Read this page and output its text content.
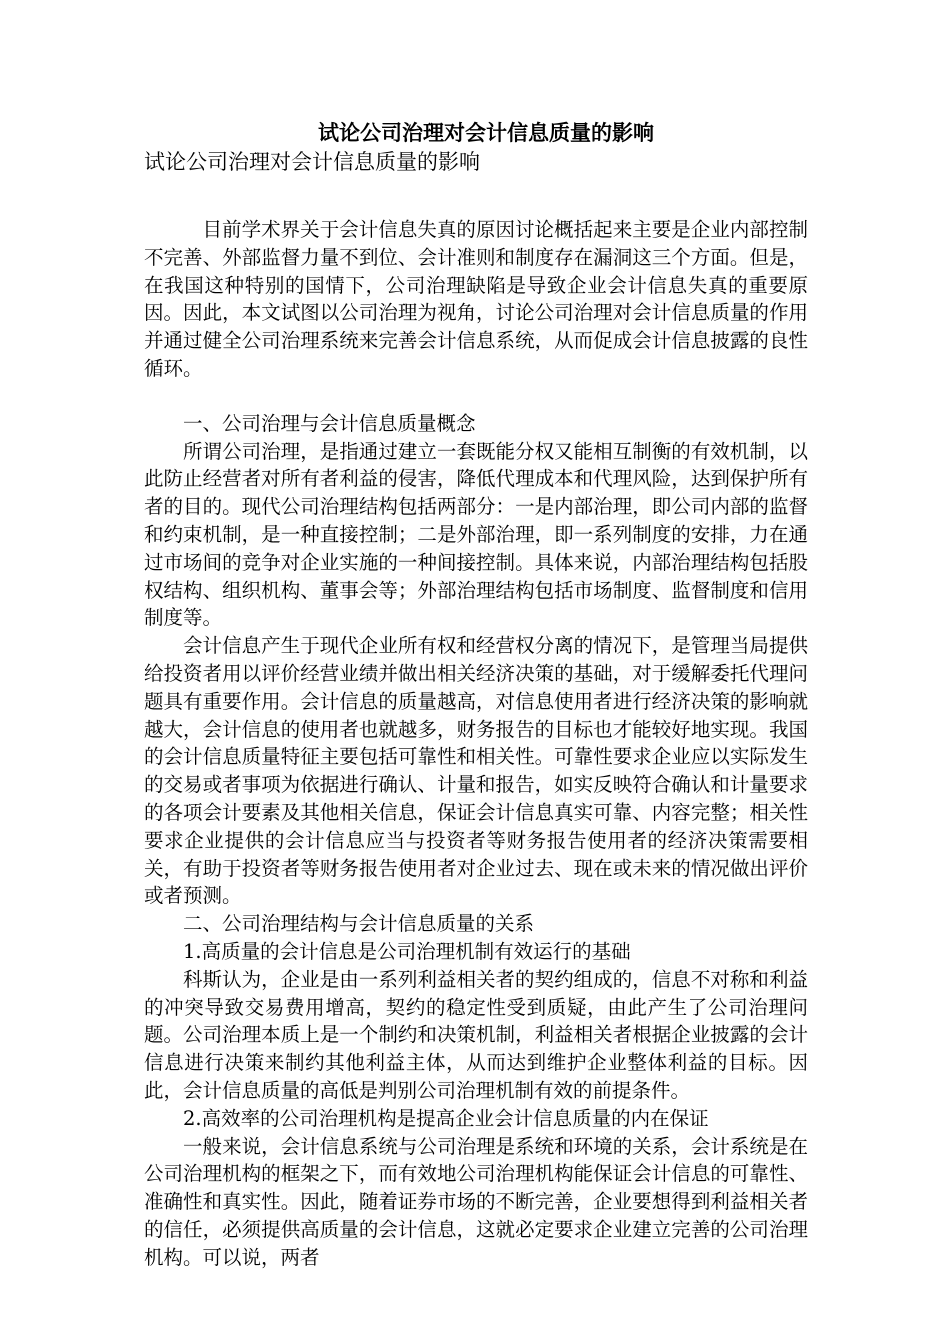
试论公司治理对会计信息质量的影响
试论公司治理对会计信息质量的影响

目前学术界关于会计信息失真的原因讨论概括起来主要是企业内部控制不完善、外部监督力量不到位、会计准则和制度存在漏洞这三个方面。但是，在我国这种特别的国情下，公司治理缺陷是导致企业会计信息失真的重要原因。因此，本文试图以公司治理为视角，讨论公司治理对会计信息质量的作用并通过健全公司治理系统来完善会计信息系统，从而促成会计信息披露的良性循环。

一、公司治理与会计信息质量概念

所谓公司治理，是指通过建立一套既能分权又能相互制衡的有效机制，以此防止经营者对所有者利益的侵害，降低代理成本和代理风险，达到保护所有者的目的。现代公司治理结构包括两部分：一是内部治理，即公司内部的监督和约束机制，是一种直接控制；二是外部治理，即一系列制度的安排，力在通过市场间的竞争对企业实施的一种间接控制。具体来说，内部治理结构包括股权结构、组织机构、董事会等；外部治理结构包括市场制度、监督制度和信用制度等。

会计信息产生于现代企业所有权和经营权分离的情况下，是管理当局提供给投资者用以评价经营业绩并做出相关经济决策的基础，对于缓解委托代理问题具有重要作用。会计信息的质量越高，对信息使用者进行经济决策的影响就越大，会计信息的使用者也就越多，财务报告的目标也才能较好地实现。我国的会计信息质量特征主要包括可靠性和相关性。可靠性要求企业应以实际发生的交易或者事项为依据进行确认、计量和报告，如实反映符合确认和计量要求的各项会计要素及其他相关信息，保证会计信息真实可靠、内容完整；相关性要求企业提供的会计信息应当与投资者等财务报告使用者的经济决策需要相关，有助于投资者等财务报告使用者对企业过去、现在或未来的情况做出评价或者预测。

二、公司治理结构与会计信息质量的关系

1.高质量的会计信息是公司治理机制有效运行的基础

科斯认为，企业是由一系列利益相关者的契约组成的，信息不对称和利益的冲突导致交易费用增高，契约的稳定性受到质疑，由此产生了公司治理问题。公司治理本质上是一个制约和决策机制，利益相关者根据企业披露的会计信息进行决策来制约其他利益主体，从而达到维护企业整体利益的目标。因此，会计信息质量的高低是判别公司治理机制有效的前提条件。

2.高效率的公司治理机构是提高企业会计信息质量的内在保证

一般来说，会计信息系统与公司治理是系统和环境的关系，会计系统是在公司治理机构的框架之下，而有效地公司治理机构能保证会计信息的可靠性、准确性和真实性。因此，随着证券市场的不断完善，企业要想得到利益相关者的信任，必须提供高质量的会计信息，这就必定要求企业建立完善的公司治理机构。可以说，两者
